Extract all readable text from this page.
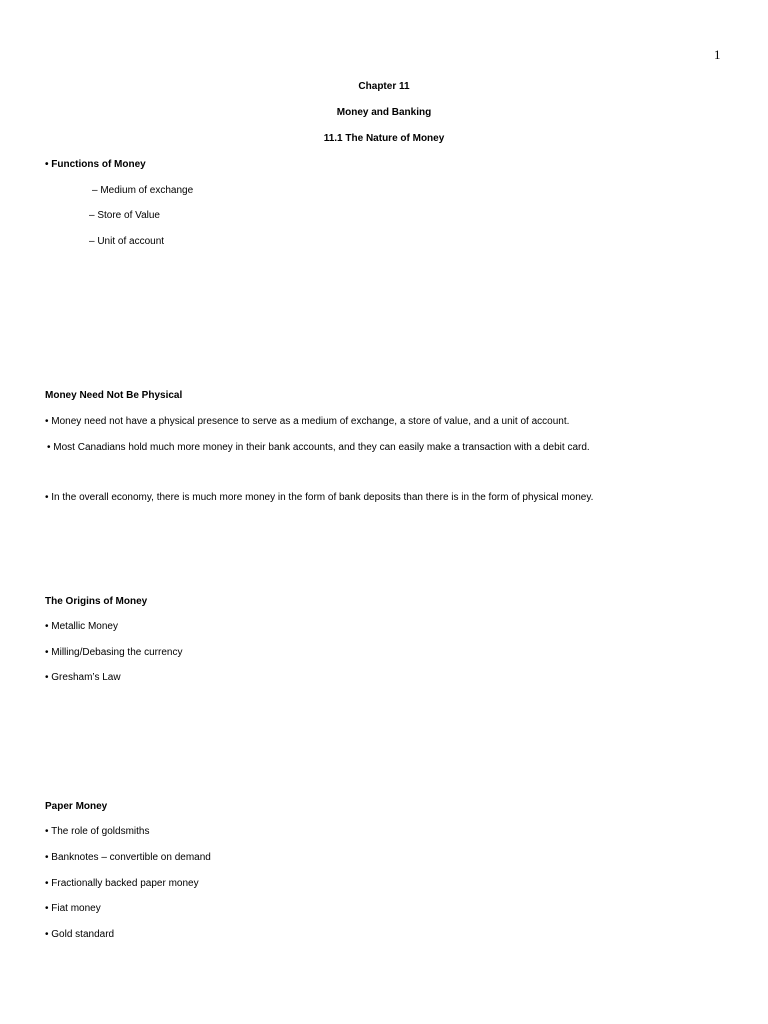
1
Chapter 11
Money and Banking
11.1 The Nature of Money
• Functions of Money
– Medium of exchange
– Store of Value
– Unit of account
Money Need Not Be Physical
• Money need not have a physical presence to serve as a medium of exchange, a store of value, and a unit of account.
• Most Canadians hold much more money in their bank accounts, and they can easily make a transaction with a debit card.
• In the overall economy, there is much more money in the form of bank deposits than there is in the form of physical money.
The Origins of Money
• Metallic Money
• Milling/Debasing the currency
• Gresham’s Law
Paper Money
• The role of goldsmiths
• Banknotes – convertible on demand
• Fractionally backed paper money
• Fiat money
• Gold standard
